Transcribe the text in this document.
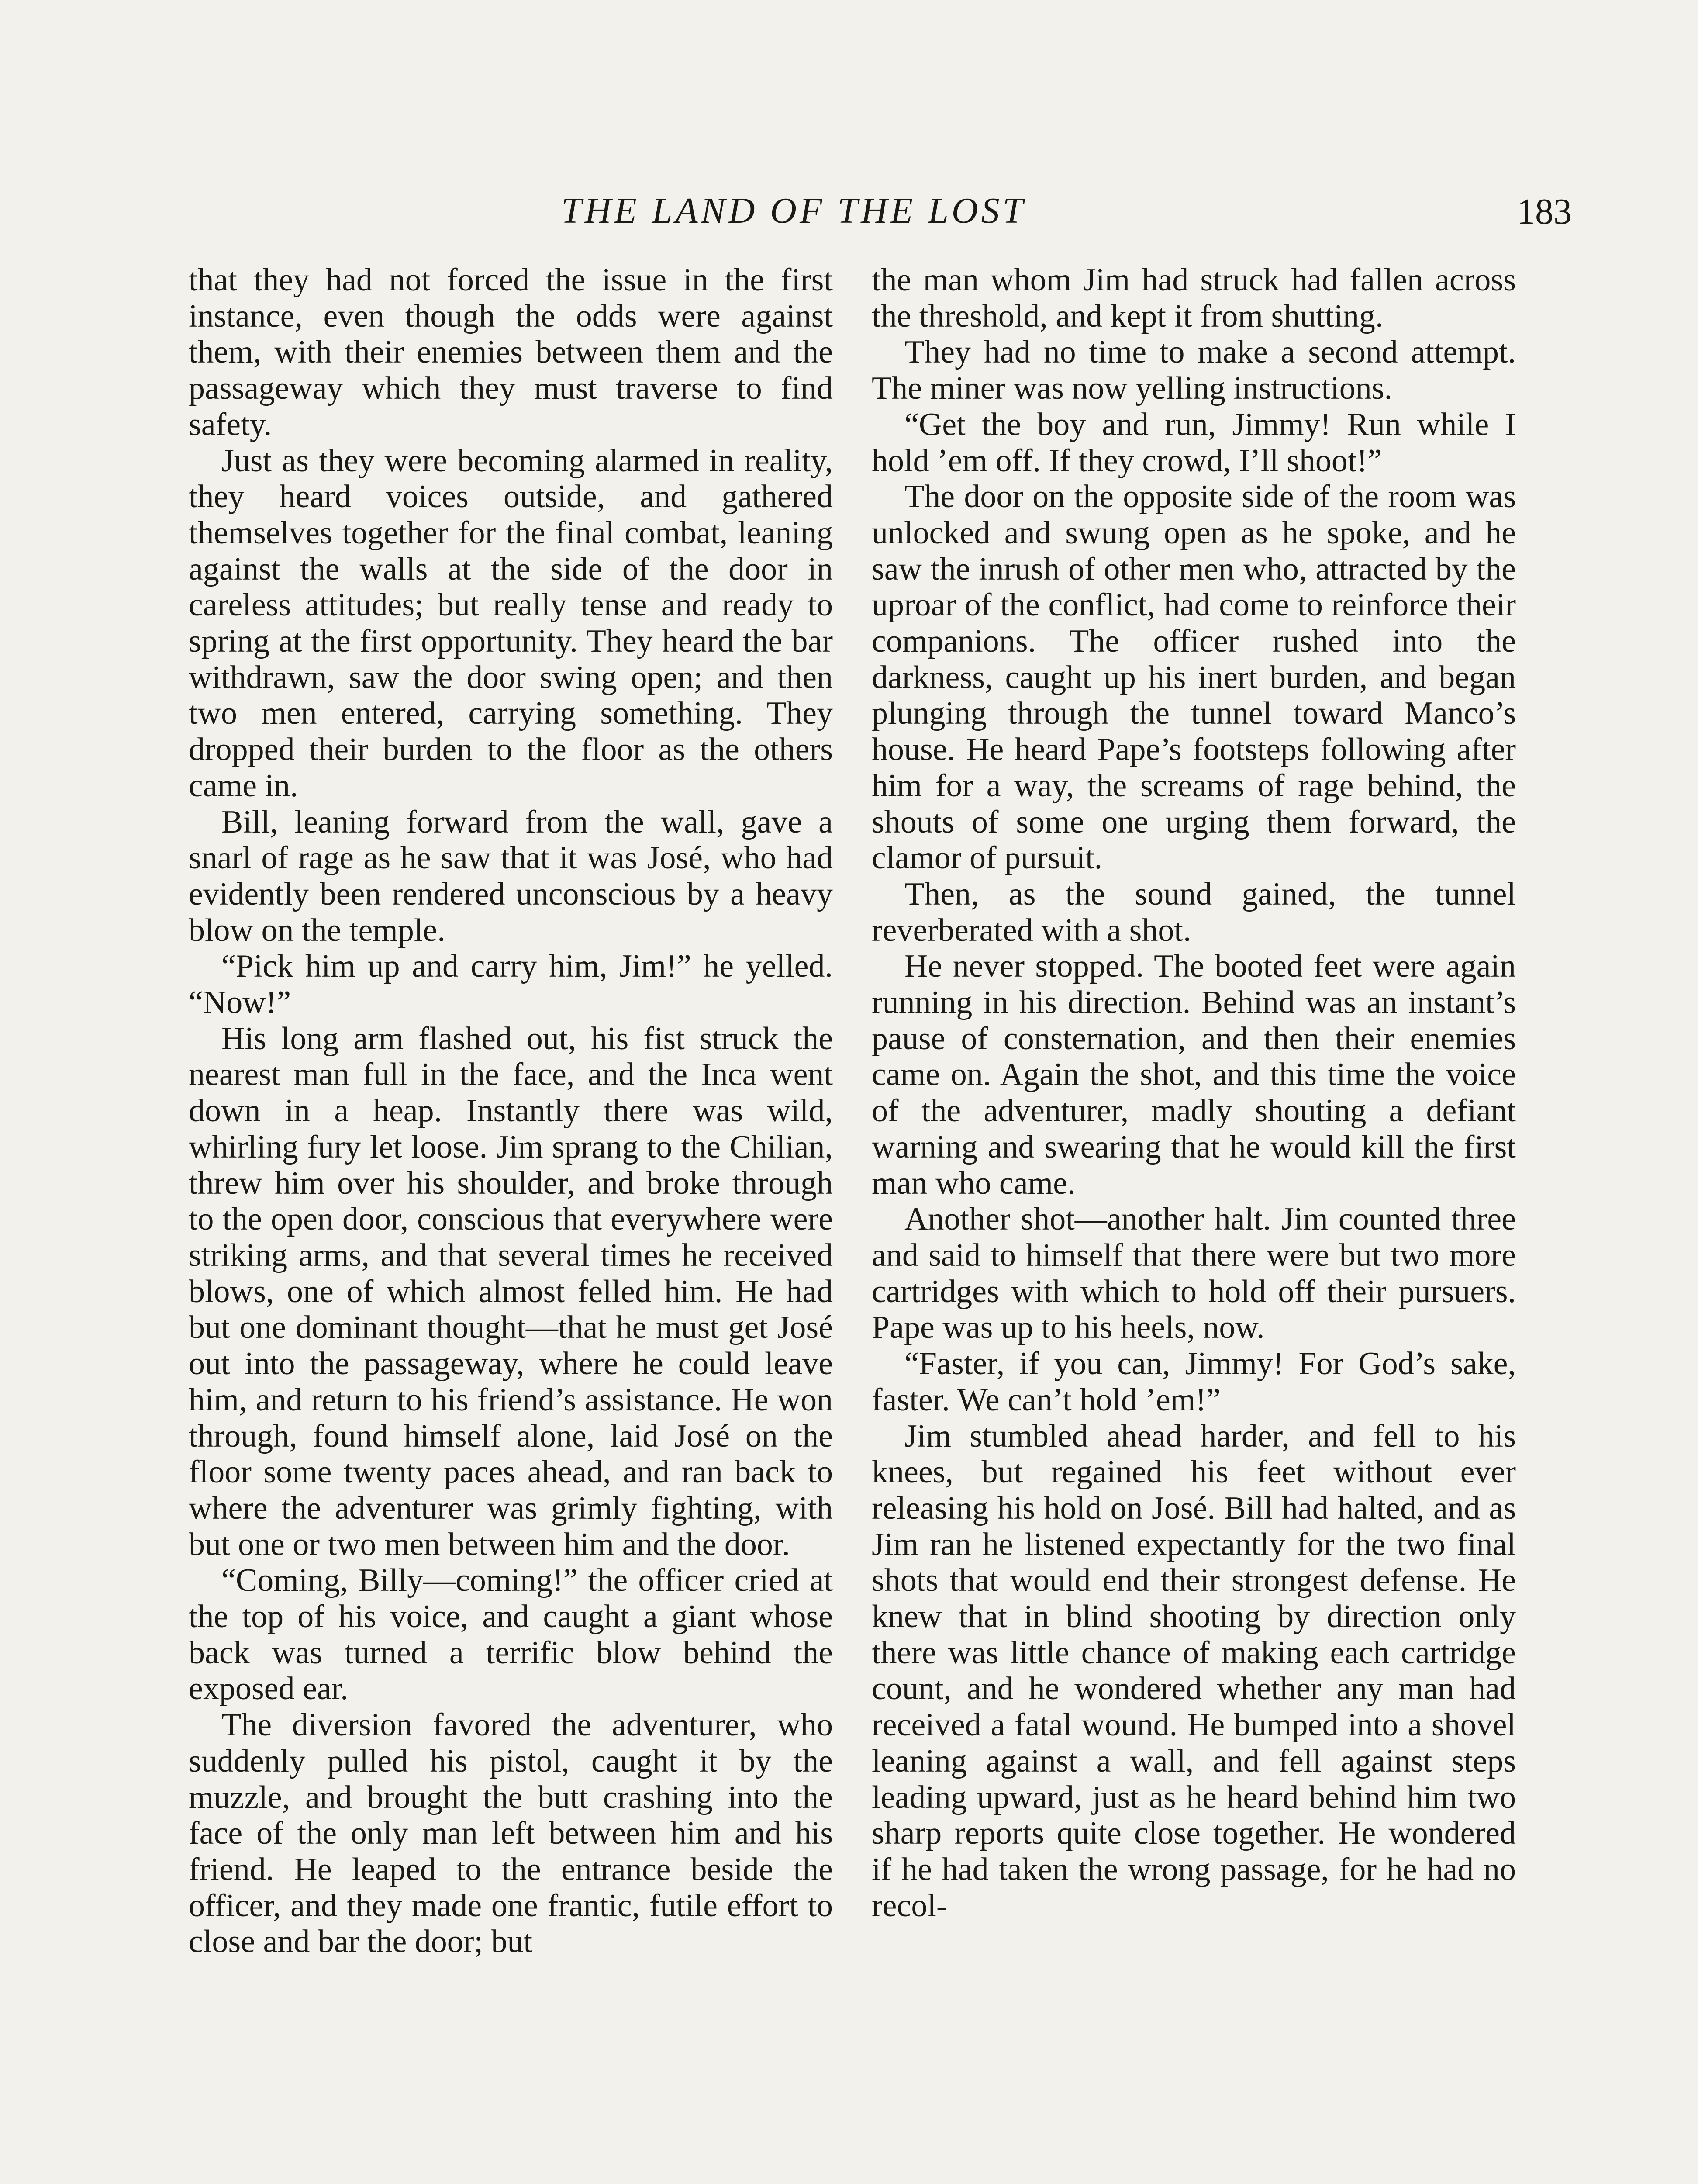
THE LAND OF THE LOST	183

that they had not forced the issue in the first instance, even though the odds were against them, with their enemies between them and the passageway which they must traverse to find safety.

Just as they were becoming alarmed in reality, they heard voices outside, and gathered themselves together for the final combat, leaning against the walls at the side of the door in careless attitudes; but really tense and ready to spring at the first opportunity. They heard the bar withdrawn, saw the door swing open; and then two men entered, carrying something. They dropped their burden to the floor as the others came in.

Bill, leaning forward from the wall, gave a snarl of rage as he saw that it was José, who had evidently been rendered unconscious by a heavy blow on the temple.

“Pick him up and carry him, Jim!” he yelled. “Now!”

His long arm flashed out, his fist struck the nearest man full in the face, and the Inca went down in a heap. Instantly there was wild, whirling fury let loose. Jim sprang to the Chilian, threw him over his shoulder, and broke through to the open door, conscious that everywhere were striking arms, and that several times he received blows, one of which almost felled him. He had but one dominant thought—that he must get José out into the passageway, where he could leave him, and return to his friend’s assistance. He won through, found himself alone, laid José on the floor some twenty paces ahead, and ran back to where the adventurer was grimly fighting, with but one or two men between him and the door.

“Coming, Billy—coming!” the officer cried at the top of his voice, and caught a giant whose back was turned a terrific blow behind the exposed ear.

The diversion favored the adventurer, who suddenly pulled his pistol, caught it by the muzzle, and brought the butt crashing into the face of the only man left between him and his friend. He leaped to the entrance beside the officer, and they made one frantic, futile effort to close and bar the door; but

the man whom Jim had struck had fallen across the threshold, and kept it from shutting.

They had no time to make a second attempt. The miner was now yelling instructions.

“Get the boy and run, Jimmy! Run while I hold ’em off. If they crowd, I’ll shoot!”

The door on the opposite side of the room was unlocked and swung open as he spoke, and he saw the inrush of other men who, attracted by the uproar of the conflict, had come to reinforce their companions. The officer rushed into the darkness, caught up his inert burden, and began plunging through the tunnel toward Manco’s house. He heard Pape’s footsteps following after him for a way, the screams of rage behind, the shouts of some one urging them forward, the clamor of pursuit.

Then, as the sound gained, the tunnel reverberated with a shot.

He never stopped. The booted feet were again running in his direction. Behind was an instant’s pause of consternation, and then their enemies came on. Again the shot, and this time the voice of the adventurer, madly shouting a defiant warning and swearing that he would kill the first man who came.

Another shot—another halt. Jim counted three and said to himself that there were but two more cartridges with which to hold off their pursuers. Pape was up to his heels, now.

“Faster, if you can, Jimmy! For God’s sake, faster. We can’t hold ’em!”

Jim stumbled ahead harder, and fell to his knees, but regained his feet without ever releasing his hold on José. Bill had halted, and as Jim ran he listened expectantly for the two final shots that would end their strongest defense. He knew that in blind shooting by direction only there was little chance of making each cartridge count, and he wondered whether any man had received a fatal wound. He bumped into a shovel leaning against a wall, and fell against steps leading upward, just as he heard behind him two sharp reports quite close together. He wondered if he had taken the wrong passage, for he had no recol-
